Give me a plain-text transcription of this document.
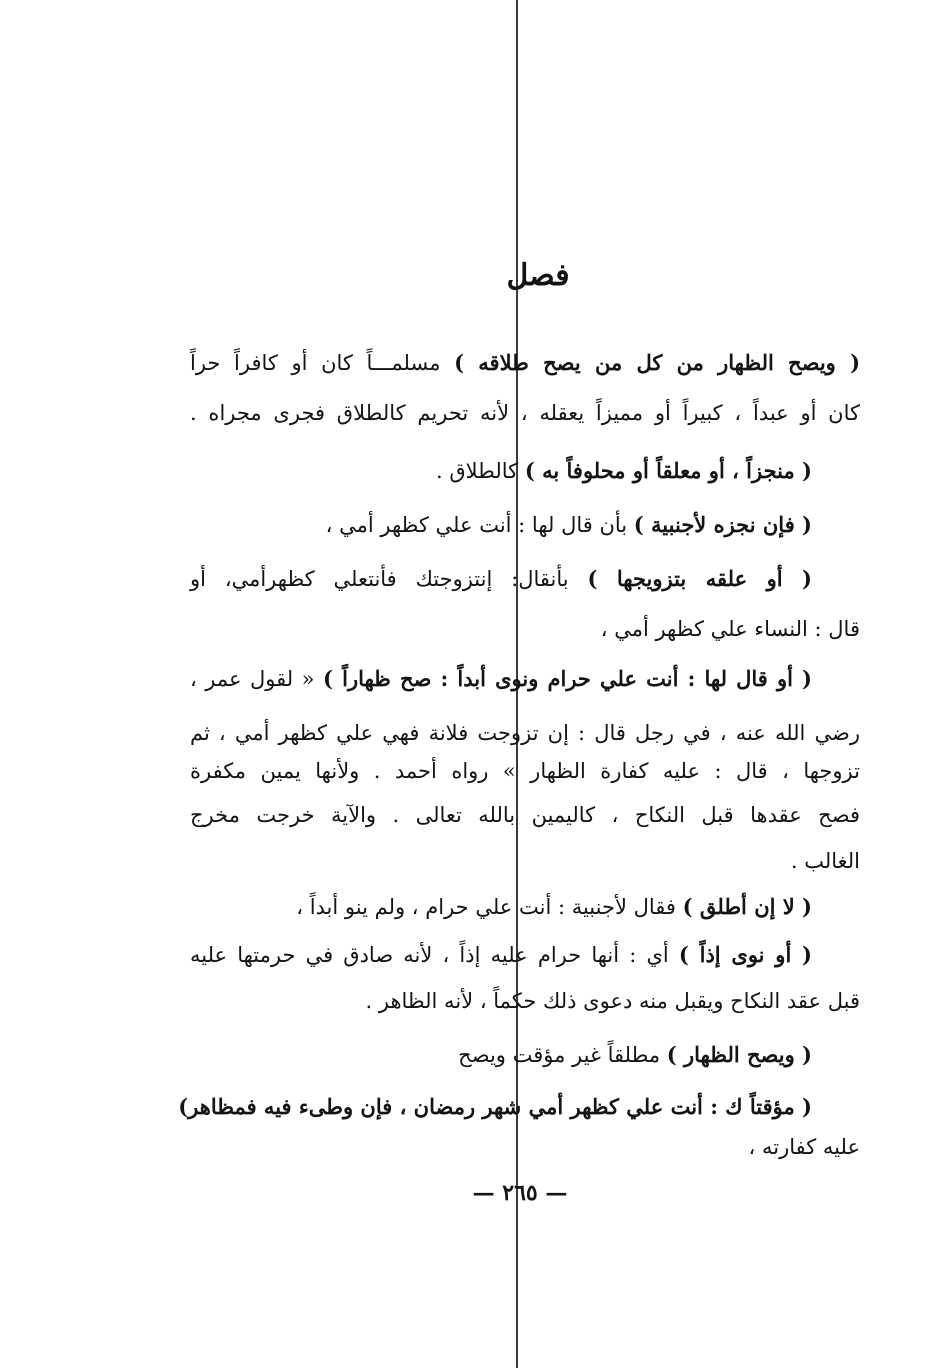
فصل
( ويصح الظهار من كل من يصح طلاقه ) مسلمـــاً كان أو كافراً حراً
كان أو عبداً ، كبيراً أو مميزاً يعقله ، لأنه تحريم كالطلاق فجرى مجراه .
( منجزاً ، أو معلقاً أو محلوفاً به ) كالطلاق .
( فإن نجزه لأجنبية ) بأن قال لها : أنت علي كظهر أمي ،
( أو علقه بتزويجها ) بأنقال: إنتزوجتك فأنتعلي كظهرأمي، أو
قال : النساء علي كظهر أمي ،
( أو قال لها : أنت علي حرام ونوى أبداً : صح ظهاراً ) « لقول عمر ،
رضي الله عنه ، في رجل قال : إن تزوجت فلانة فهي علي كظهر أمي ، ثم
تزوجها ، قال : عليه كفارة الظهار » رواه أحمد . ولأنها يمين مكفرة
فصح عقدها قبل النكاح ، كاليمين بالله تعالى . والآية خرجت مخرج
الغالب .
( لا إن أطلق ) فقال لأجنبية : أنت علي حرام ، ولم ينو أبداً ،
( أو نوى إذاً ) أي : أنها حرام عليه إذاً ، لأنه صادق في حرمتها عليه
قبل عقد النكاح ويقبل منه دعوى ذلك حكماً ، لأنه الظاهر .
( ويصح الظهار ) مطلقاً غير مؤقت ويصح
( مؤقتاً ك : أنت علي كظهر أمي شهر رمضان ، فإن وطىء فيه فمظاهر)
عليه كفارته ،
— ٢٦٥ —
